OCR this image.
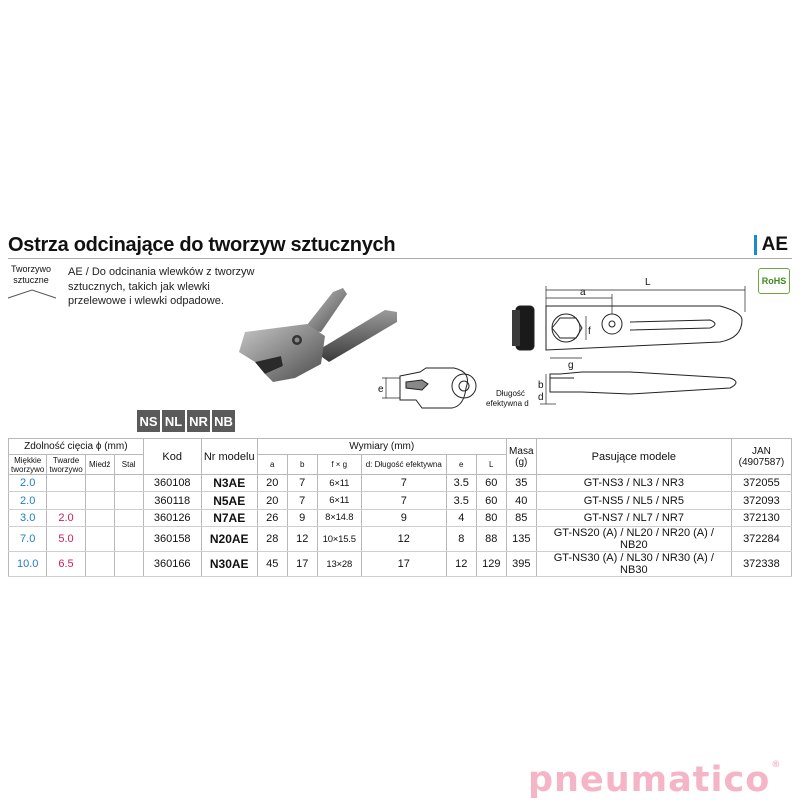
Ostrza odcinające do tworzyw sztucznych	AE
Tworzywo
sztuczne
AE / Do odcinania wlewków z tworzyw sztucznych, takich jak wlewki przelewowe i wlewki odpadowe.
RoHS
L
a
f
g
e	b
d
Długość
efektywna d
NS NL NR NB
Zdolność cięcia ϕ (mm)				Kod	Nr modelu	Wymiary (mm)						Masa (g)	Pasujące modele	JAN (4907587)
Miękkie tworzywo	Twarde tworzywo	Miedź	Stal			a	b	f × g	d: Długość efektywna	e	L			
2.0				360108	N3AE	20	7	6×11	7	3.5	60	35	GT-NS3 / NL3 / NR3	372055
2.0				360118	N5AE	20	7	6×11	7	3.5	60	40	GT-NS5 / NL5 / NR5	372093
3.0	2.0			360126	N7AE	26	9	8×14.8	9	4	80	85	GT-NS7 / NL7 / NR7	372130
7.0	5.0			360158	N20AE	28	12	10×15.5	12	8	88	135	GT-NS20 (A) / NL20 / NR20 (A) / NB20	372284
10.0	6.5			360166	N30AE	45	17	13×28	17	12	129	395	GT-NS30 (A) / NL30 / NR30 (A) / NB30	372338
pneumatico®
